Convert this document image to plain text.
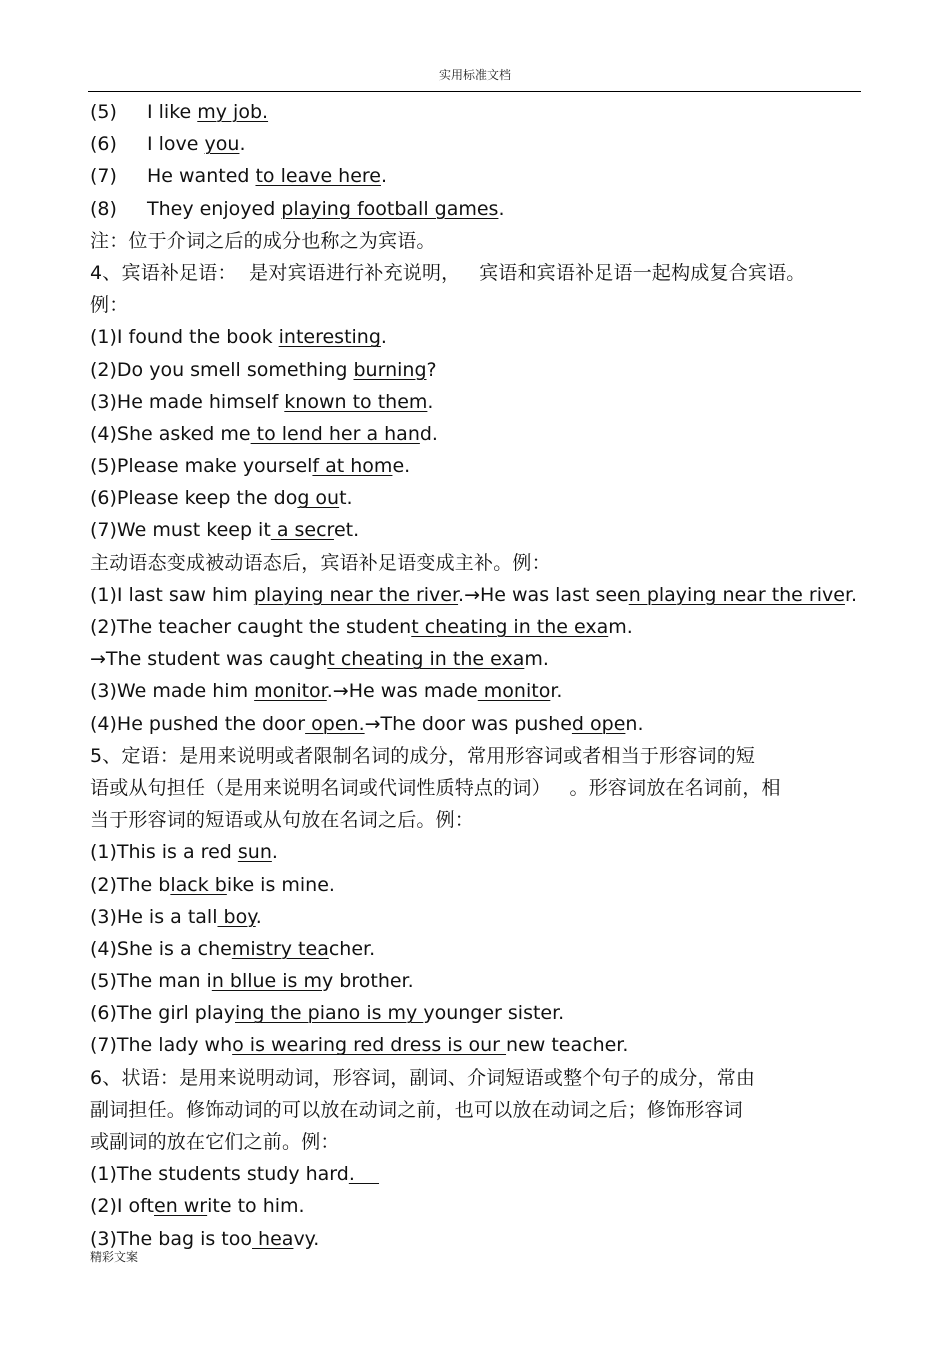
实用标准文档
(5) I like my job.
(6) I love you.
(7) He wanted to leave here.
(8) They enjoyed playing football games.
注：位于介词之后的成分也称之为宾语。
4、宾语补足语：  是对宾语进行补充说明，   宾语和宾语补足语一起构成复合宾语。
例：
(1)I found the book interesting.
(2)Do you smell something burning?
(3)He made himself known to them.
(4)She asked me to lend her a hand.
(5)Please make yourself at home.
(6)Please keep the dog out.
(7)We must keep it a secret.
主动语态变成被动语态后，宾语补足语变成主补。例：
(1)I last saw him playing near the river.→He was last seen playing near the river.
(2)The teacher caught the student cheating in the exam.
→The student was caught cheating in the exam.
(3)We made him monitor.→He was made monitor.
(4)He pushed the door open.→The door was pushed open.
5、定语：是用来说明或者限制名词的成分，常用形容词或者相当于形容词的短
语或从句担任（是用来说明名词或代词性质特点的词）   。形容词放在名词前，相
当于形容词的短语或从句放在名词之后。例：
(1)This is a red sun.
(2)The black bike is mine.
(3)He is a tall boy.
(4)She is a chemistry teacher.
(5)The man in bllue is my brother.
(6)The girl playing the piano is my younger sister.
(7)The lady who is wearing red dress is our new teacher.
6、状语：是用来说明动词，形容词，副词、介词短语或整个句子的成分，常由
副词担任。修饰动词的可以放在动词之前，也可以放在动词之后；修饰形容词
或副词的放在它们之前。例：
(1)The students study hard.
(2)I often write to him.
(3)The bag is too heavy.
精彩文案
